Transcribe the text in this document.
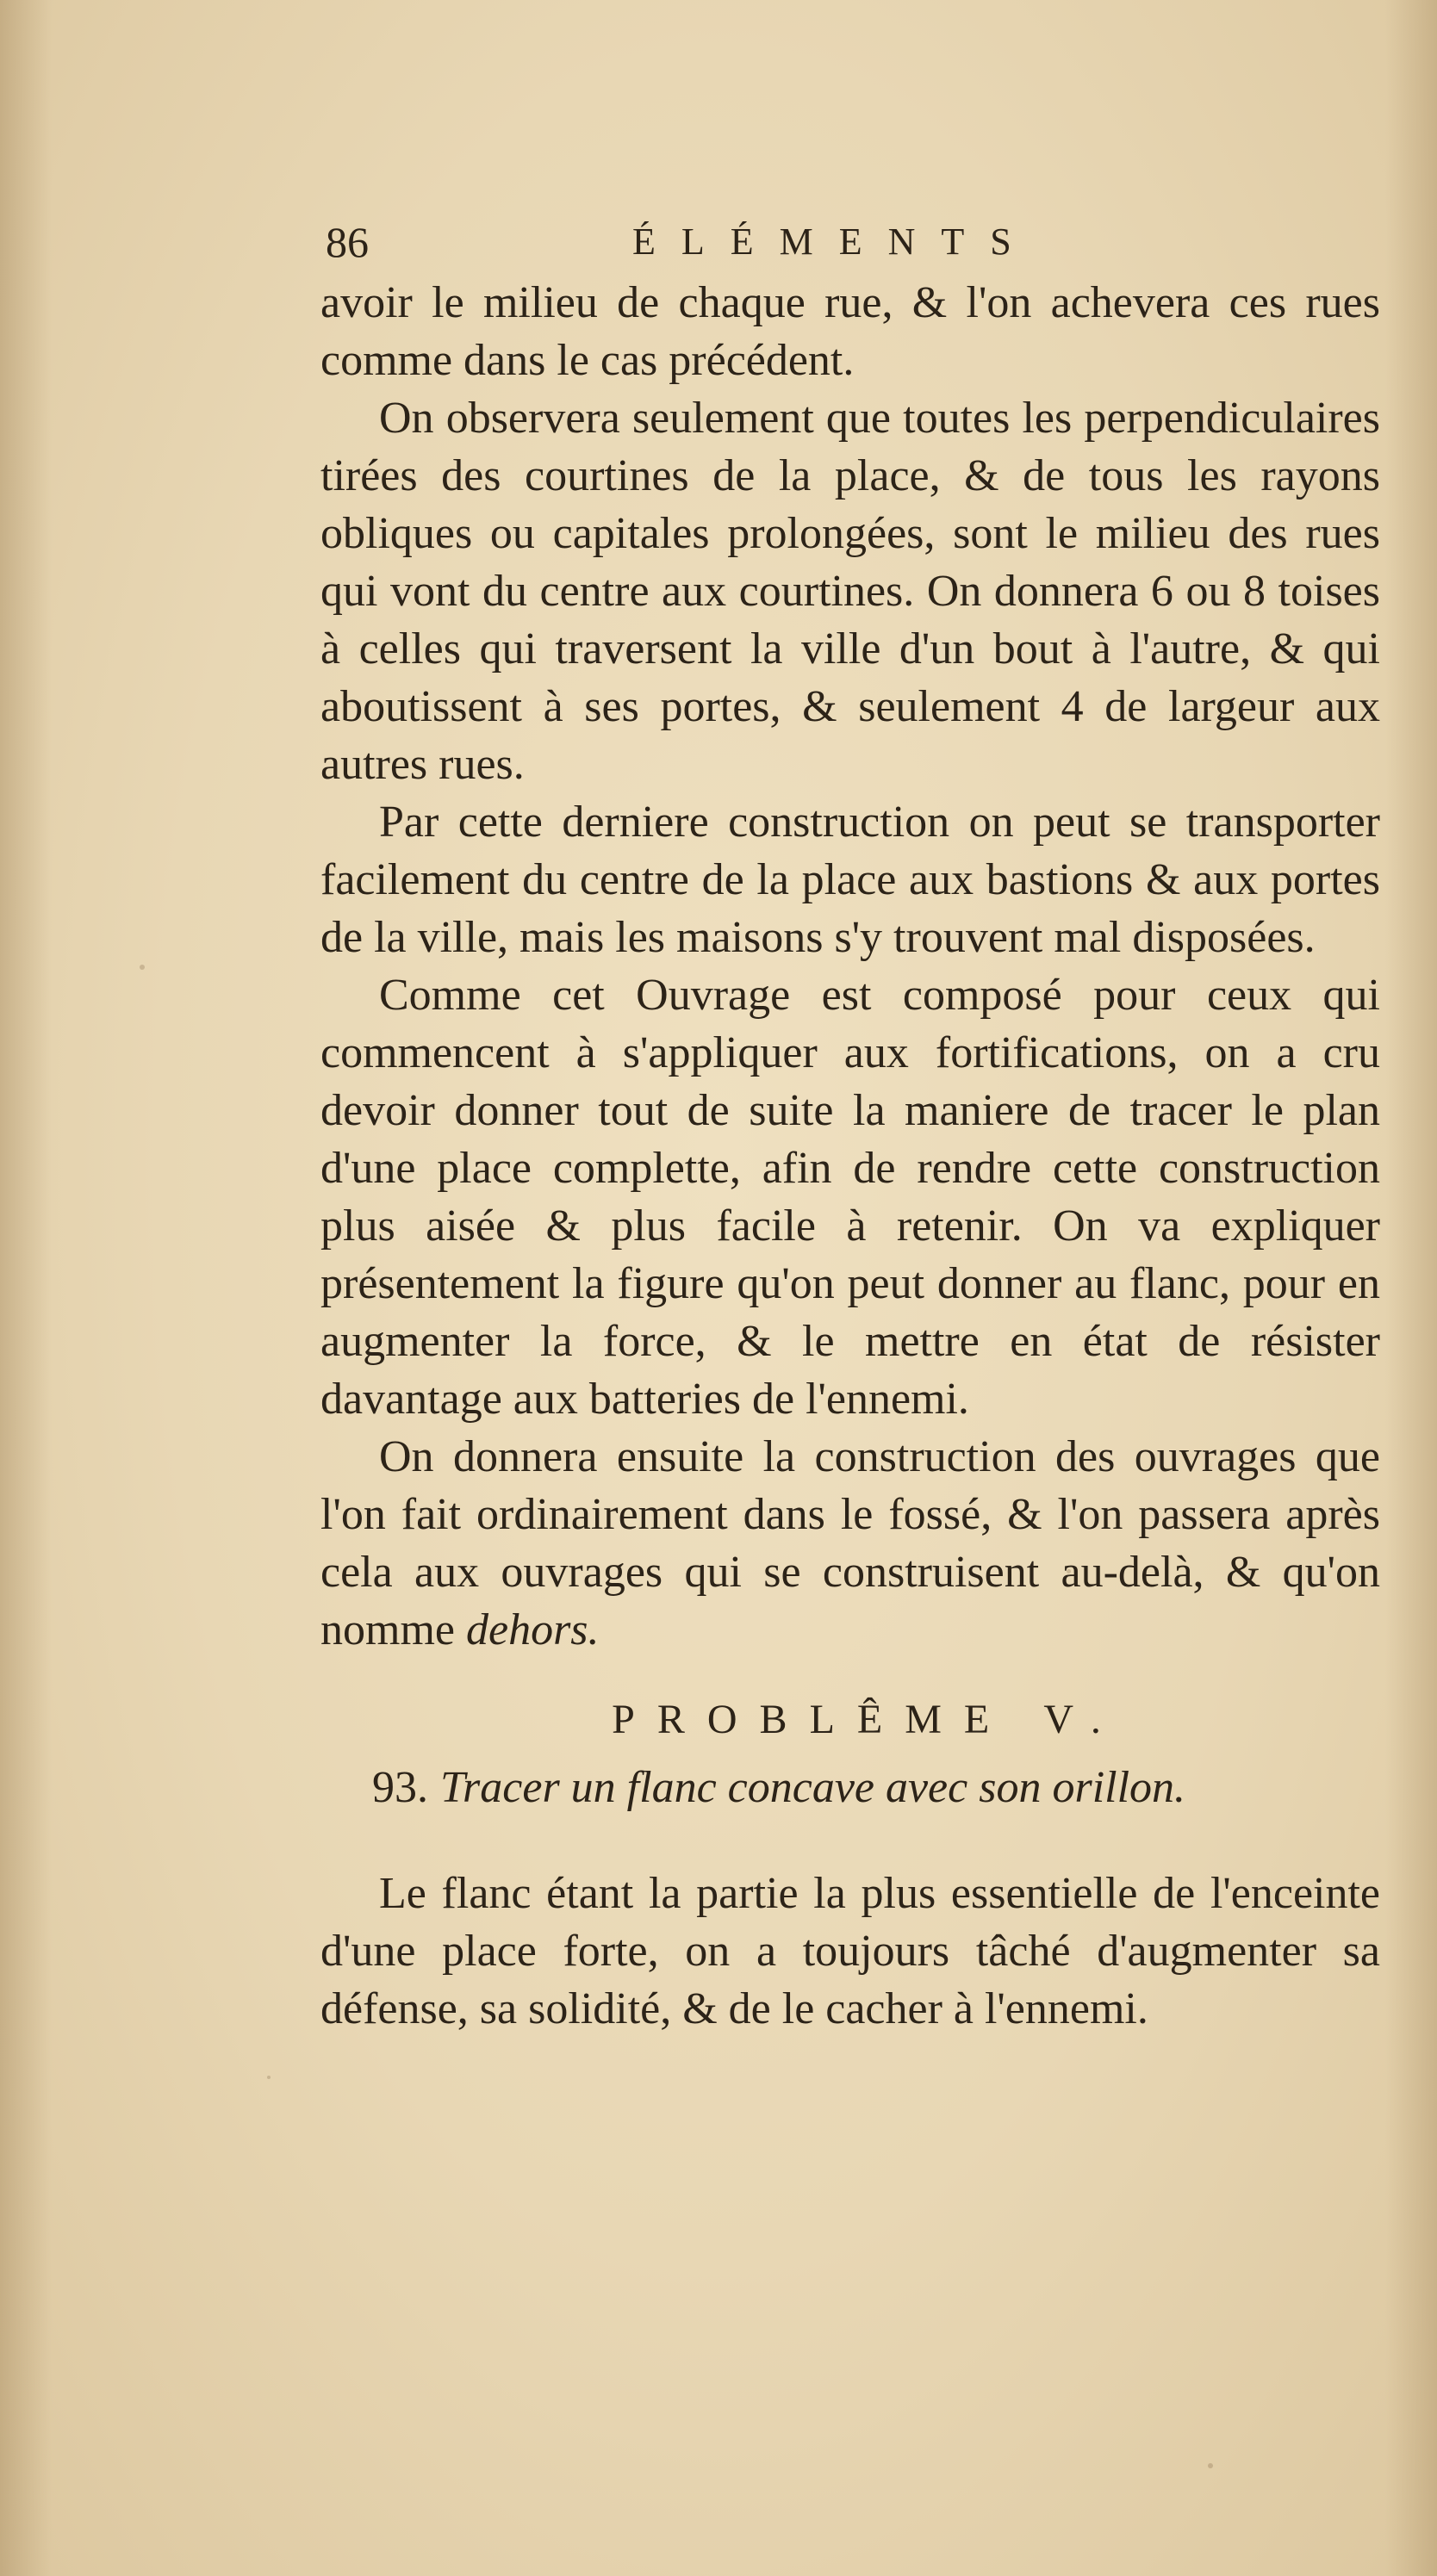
86	ÉLÉMENTS

avoir le milieu de chaque rue, & l'on achevera ces rues comme dans le cas précédent.

On observera seulement que toutes les perpendiculaires tirées des courtines de la place, & de tous les rayons obliques ou capitales prolongées, sont le milieu des rues qui vont du centre aux courtines. On donnera 6 ou 8 toises à celles qui traversent la ville d'un bout à l'autre, & qui aboutissent à ses portes, & seulement 4 de largeur aux autres rues.

Par cette derniere construction on peut se transporter facilement du centre de la place aux bastions & aux portes de la ville, mais les maisons s'y trouvent mal disposées.

Comme cet Ouvrage est composé pour ceux qui commencent à s'appliquer aux fortifications, on a cru devoir donner tout de suite la maniere de tracer le plan d'une place complette, afin de rendre cette construction plus aisée & plus facile à retenir. On va expliquer présentement la figure qu'on peut donner au flanc, pour en augmenter la force, & le mettre en état de résister davantage aux batteries de l'ennemi.

On donnera ensuite la construction des ouvrages que l'on fait ordinairement dans le fossé, & l'on passera après cela aux ouvrages qui se construisent au-delà, & qu'on nomme dehors.

PROBLÊME V.
93. Tracer un flanc concave avec son orillon.

Le flanc étant la partie la plus essentielle de l'enceinte d'une place forte, on a toujours tâché d'augmenter sa défense, sa solidité, & de le cacher à l'ennemi.
